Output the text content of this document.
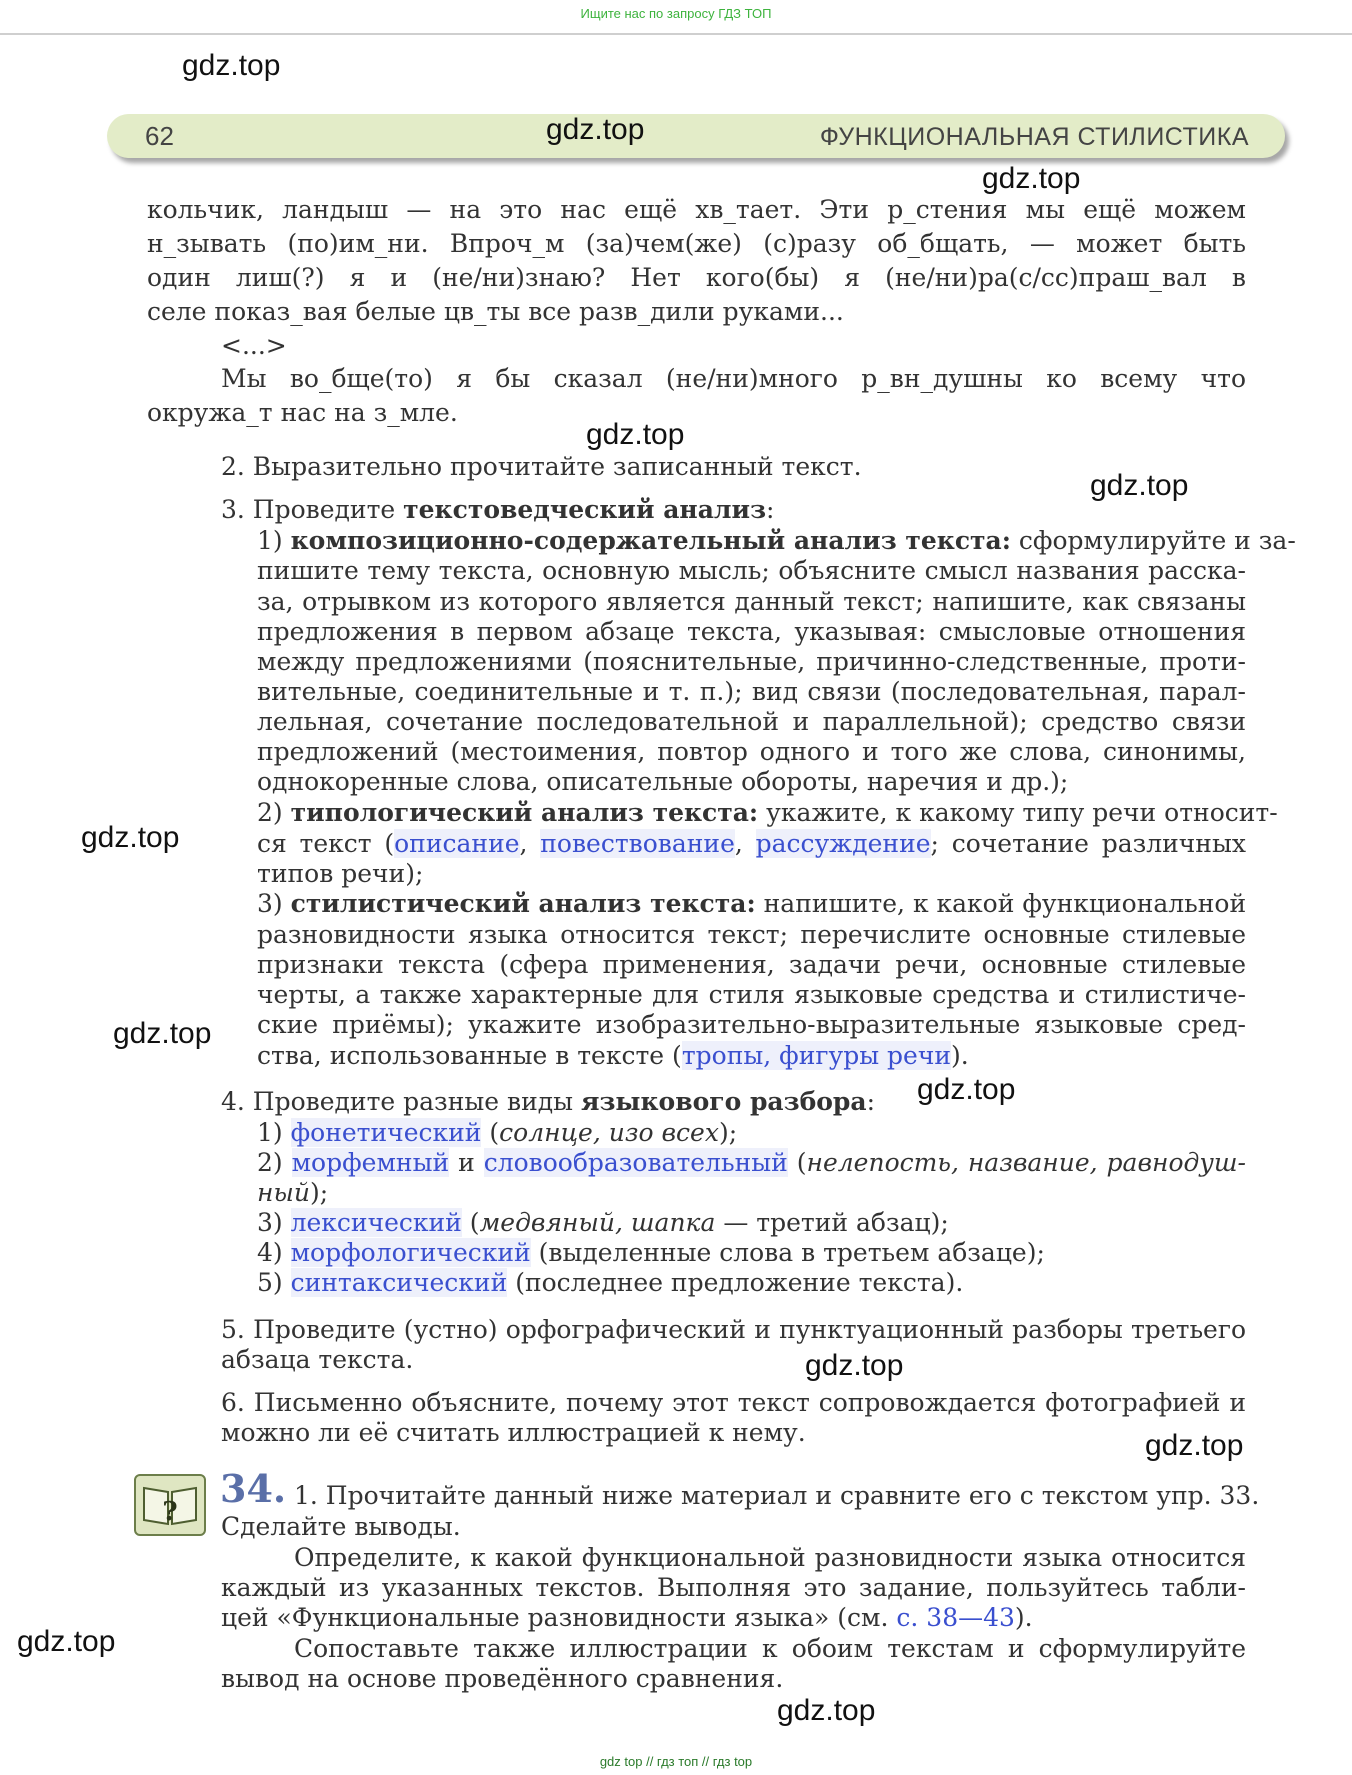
Ищите нас по запросу ГДЗ ТОП
62	ФУНКЦИОНАЛЬНАЯ СТИЛИСТИКА
кольчик, ландыш — на это нас ещё хв_тает. Эти р_стения мы ещё можем
н_зывать (по)им_ни. Впроч_м (за)чем(же) (с)разу об_бщать, — может быть
один лиш(?) я и (не/ни)знаю? Нет кого(бы) я (не/ни)ра(с/сс)праш_вал в
селе показ_вая белые цв_ты все разв_дили руками...
<...>
Мы во_бще(то) я бы сказал (не/ни)много р_вн_душны ко всему что
окружа_т нас на з_мле.
2. Выразительно прочитайте записанный текст.
3. Проведите текстоведческий анализ:
1) композиционно-содержательный анализ текста: сформулируйте и за-
пишите тему текста, основную мысль; объясните смысл названия расска-
за, отрывком из которого является данный текст; напишите, как связаны
предложения в первом абзаце текста, указывая: смысловые отношения
между предложениями (пояснительные, причинно-следственные, проти-
вительные, соединительные и т. п.); вид связи (последовательная, парал-
лельная, сочетание последовательной и параллельной); средство связи
предложений (местоимения, повтор одного и того же слова, синонимы,
однокоренные слова, описательные обороты, наречия и др.);
2) типологический анализ текста: укажите, к какому типу речи относит-
ся текст (описание, повествование, рассуждение; сочетание различных
типов речи);
3) стилистический анализ текста: напишите, к какой функциональной
разновидности языка относится текст; перечислите основные стилевые
признаки текста (сфера применения, задачи речи, основные стилевые
черты, а также характерные для стиля языковые средства и стилистиче-
ские приёмы); укажите изобразительно-выразительные языковые сред-
ства, использованные в тексте (тропы, фигуры речи).
4. Проведите разные виды языкового разбора:
1) фонетический (солнце, изо всех);
2) морфемный и словообразовательный (нелепость, название, равнодуш-
ный);
3) лексический (медвяный, шапка — третий абзац);
4) морфологический (выделенные слова в третьем абзаце);
5) синтаксический (последнее предложение текста).
5. Проведите (устно) орфографический и пунктуационный разборы третьего
абзаца текста.
6. Письменно объясните, почему этот текст сопровождается фотографией и
можно ли её считать иллюстрацией к нему.
?
34. 1. Прочитайте данный ниже материал и сравните его с текстом упр. 33.
Сделайте выводы.
Определите, к какой функциональной разновидности языка относится
каждый из указанных текстов. Выполняя это задание, пользуйтесь табли-
цей «Функциональные разновидности языка» (см. с. 38—43).
Сопоставьте также иллюстрации к обоим текстам и сформулируйте
вывод на основе проведённого сравнения.
gdz.top
gdz.top
gdz.top
gdz.top
gdz.top
gdz.top
gdz.top
gdz.top
gdz.top
gdz.top
gdz.top
gdz.top
gdz top // гдз топ // гдз top
